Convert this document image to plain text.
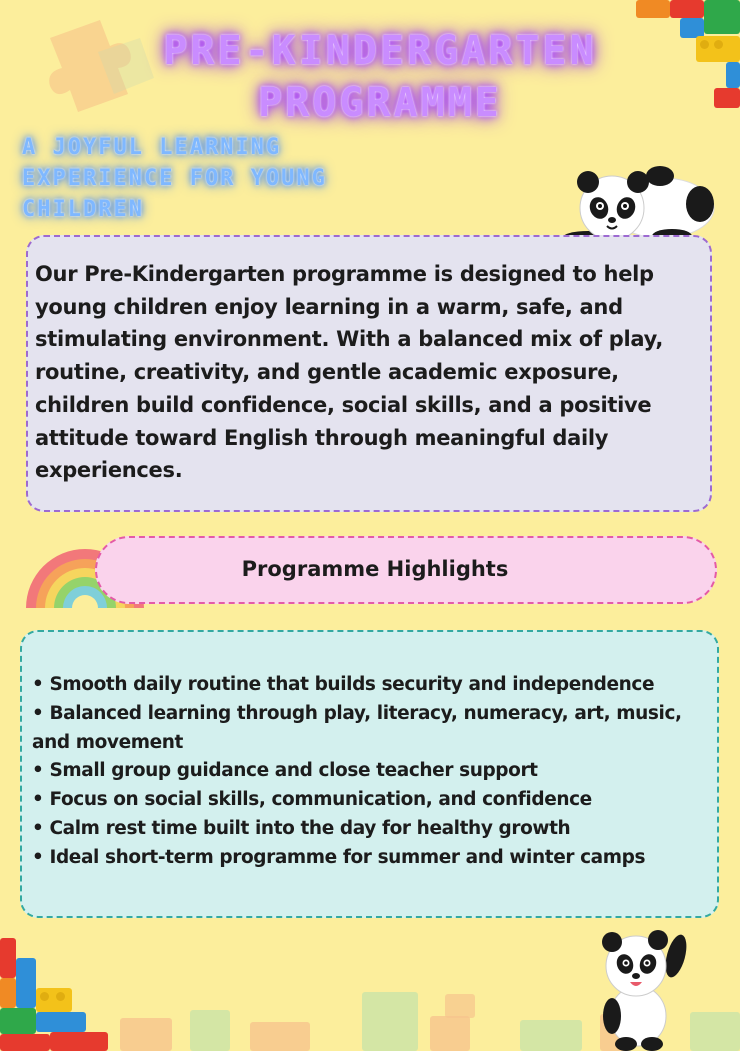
PRE-KINDERGARTEN
PROGRAMME
A JOYFUL LEARNING
EXPERIENCE FOR YOUNG
CHILDREN
Our Pre-Kindergarten programme is designed to help young children enjoy learning in a warm, safe, and stimulating environment. With a balanced mix of play, routine, creativity, and gentle academic exposure, children build confidence, social skills, and a positive attitude toward English through meaningful daily experiences.
Programme Highlights
• Smooth daily routine that builds security and independence
• Balanced learning through play, literacy, numeracy, art, music, and movement
• Small group guidance and close teacher support
• Focus on social skills, communication, and confidence
• Calm rest time built into the day for healthy growth
• Ideal short-term programme for summer and winter camps
